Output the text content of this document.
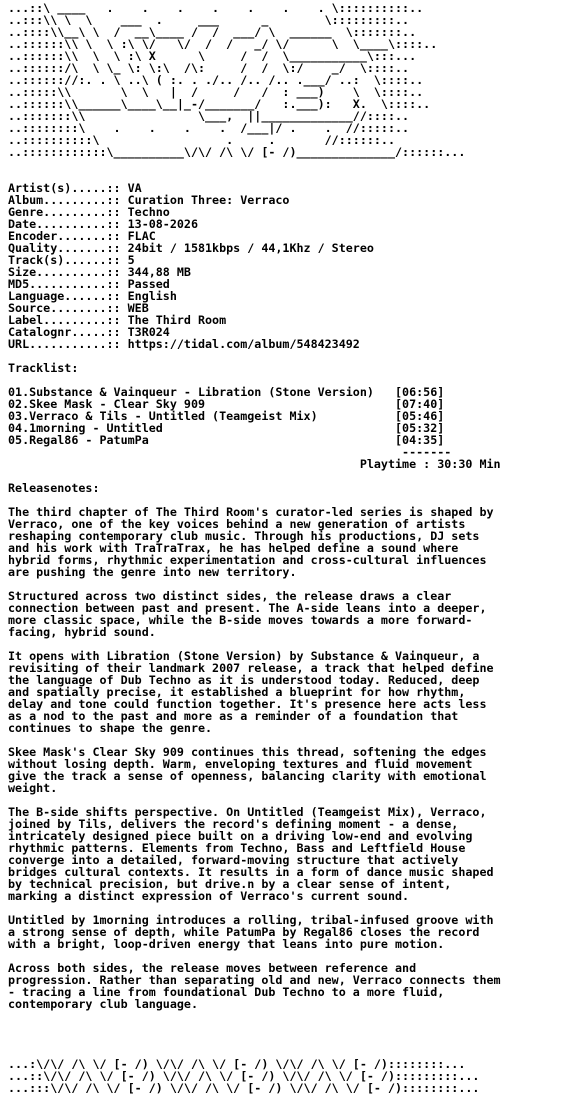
...::\ ____   .    .    .    .    .    .    . \::::::::::..
..:::\\ \  \    ___  .     ___      _        \:::::::::..
..::::\\__\ \  /  __\____ /  /  ___/ \  ______  \:::::::..
..::::::\\ \  \ :\ \/   \/  /  /   _/ \/      \  \____\::::..
..::::::\\  \  \ :\ X      \     /  /  \___________\:::...
..::::::/\  \ \_ \: \:\  /\:     /  /  \:/    _/  \::::..
..:::::://:. . \ ..\ ( :. . ./.. /.. /.. .___/ ..:  \::::..
..:::::\\       \  \   |  /     /   /  : ___)    \  \::::..
..::::::\\______\____\__|_-/_______/   :.___):   X.  \::::..
..:::::::\\                \___,  ||_____________//::::..
..::::::::\    .    .    .    .  /___|/ .    .  //:::::..
..::::::::::\                  .     .       //::::::..
..::::::::::::\__________\/\/ /\ \/ [- /)______________/::::::...

Artist(s).....:: VA
Album.........:: Curation Three: Verraco
Genre.........:: Techno
Date..........:: 13-08-2026
Encoder.......:: FLAC
Quality.......:: 24bit / 1581kbps / 44,1Khz / Stereo
Track(s)......:: 5
Size..........:: 344,88 MB
MD5...........:: Passed
Language......:: English
Source........:: WEB
Label.........:: The Third Room
Catalognr.....:: T3R024
URL...........:: https://tidal.com/album/548423492

Tracklist:

01.Substance & Vainqueur - Libration (Stone Version)   [06:56]
02.Skee Mask - Clear Sky 909                           [07:40]
03.Verraco & Tils - Untitled (Teamgeist Mix)           [05:46]
04.1morning - Untitled                                 [05:32]
05.Regal86 - PatumPa                                   [04:35]
-------
Playtime : 30:30 Min

Releasenotes:

The third chapter of The Third Room's curator-led series is shaped by
Verraco, one of the key voices behind a new generation of artists
reshaping contemporary club music. Through his productions, DJ sets
and his work with TraTraTrax, he has helped define a sound where
hybrid forms, rhythmic experimentation and cross-cultural influences
are pushing the genre into new territory.

Structured across two distinct sides, the release draws a clear
connection between past and present. The A-side leans into a deeper,
more classic space, while the B-side moves towards a more forward-
facing, hybrid sound.

It opens with Libration (Stone Version) by Substance & Vainqueur, a
revisiting of their landmark 2007 release, a track that helped define
the language of Dub Techno as it is understood today. Reduced, deep
and spatially precise, it established a blueprint for how rhythm,
delay and tone could function together. It's presence here acts less
as a nod to the past and more as a reminder of a foundation that
continues to shape the genre.

Skee Mask's Clear Sky 909 continues this thread, softening the edges
without losing depth. Warm, enveloping textures and fluid movement
give the track a sense of openness, balancing clarity with emotional
weight.

The B-side shifts perspective. On Untitled (Teamgeist Mix), Verraco,
joined by Tils, delivers the record's defining moment - a dense,
intricately designed piece built on a driving low-end and evolving
rhythmic patterns. Elements from Techno, Bass and Leftfield House
converge into a detailed, forward-moving structure that actively
bridges cultural contexts. It results in a form of dance music shaped
by technical precision, but drive.n by a clear sense of intent,
marking a distinct expression of Verraco's current sound.

Untitled by 1morning introduces a rolling, tribal-infused groove with
a strong sense of depth, while PatumPa by Regal86 closes the record
with a bright, loop-driven energy that leans into pure motion.

Across both sides, the release moves between reference and
progression. Rather than separating old and new, Verraco connects them
- tracing a line from foundational Dub Techno to a more fluid,
contemporary club language.

...:\/\/ /\ \/ [- /) \/\/ /\ \/ [- /) \/\/ /\ \/ [- /)::::::::...
...::\/\/ /\ \/ [- /) \/\/ /\ \/ [- /) \/\/ /\ \/ [- /):::::::::...
...:::\/\/ /\ \/ [- /) \/\/ /\ \/ [- /) \/\/ /\ \/ [- /)::::::::...
